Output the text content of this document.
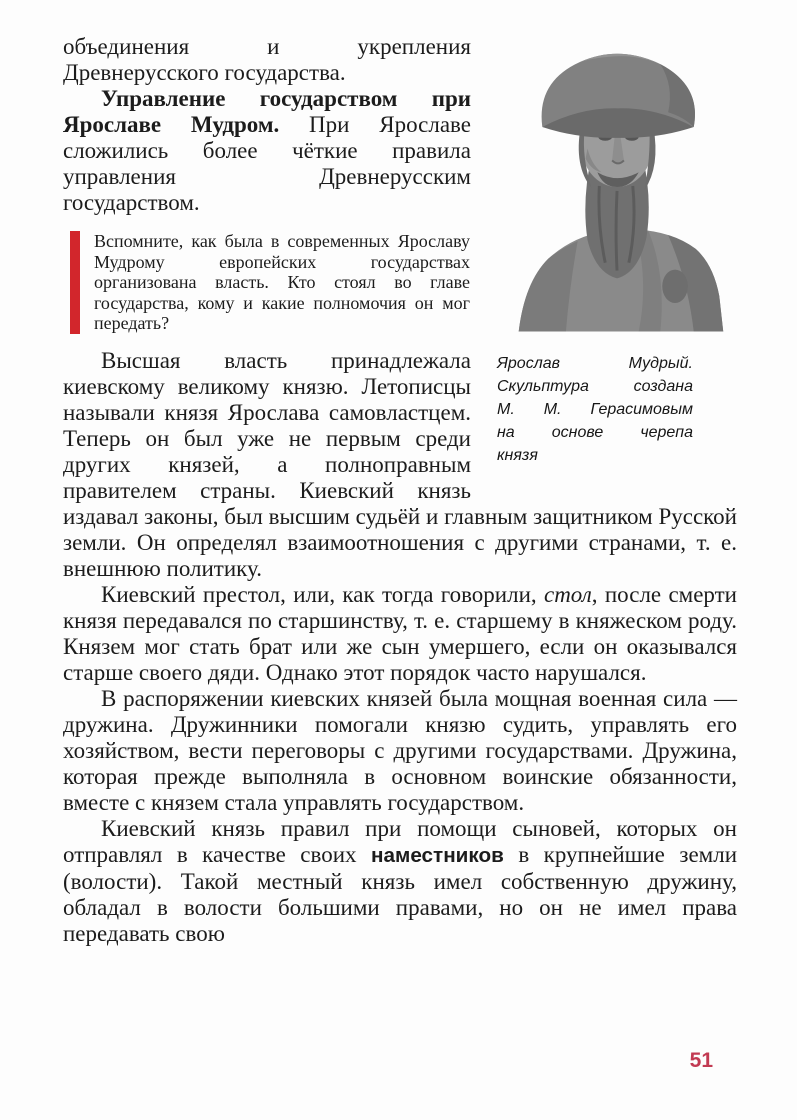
Ярослав Мудрый.
Скульптура создана
М. М. Герасимовым
на основе черепа
князя

объединения и укрепления Древнерусского государства.

Управление государством при Ярославе Мудром. При Ярославе сложились более чёткие правила управления Древнерусским государством.

Вспомните, как была в современных Ярославу Мудрому европейских государствах организована власть. Кто стоял во главе государства, кому и какие полномочия он мог передать?

Высшая власть принадлежала киевскому великому князю. Летописцы называли князя Ярослава самовластцем. Теперь он был уже не первым среди других князей, а полноправным правителем страны. Киевский князь издавал законы, был высшим судьёй и главным защитником Русской земли. Он определял взаимоотношения с другими странами, т. е. внешнюю политику.

Киевский престол, или, как тогда говорили, стол, после смерти князя передавался по старшинству, т. е. старшему в княжеском роду. Князем мог стать брат или же сын умершего, если он оказывался старше своего дяди. Однако этот порядок часто нарушался.

В распоряжении киевских князей была мощная военная сила — дружина. Дружинники помогали князю судить, управлять его хозяйством, вести переговоры с другими государствами. Дружина, которая прежде выполняла в основном воинские обязанности, вместе с князем стала управлять государством.

Киевский князь правил при помощи сыновей, которых он отправлял в качестве своих наместников в крупнейшие земли (волости). Такой местный князь имел собственную дружину, обладал в волости большими правами, но он не имел права передавать свою

51
